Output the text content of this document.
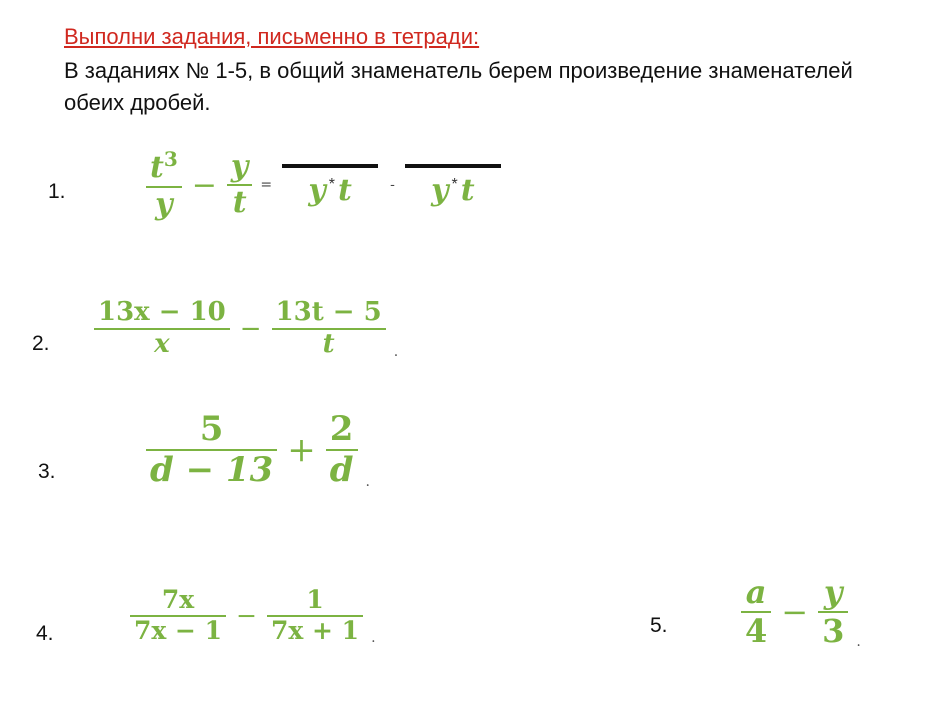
Выполни задания, письменно в тетради:
В заданиях № 1-5, в общий знаменатель берем произведение знаменателей
обеих дробей.
1.	$\frac{t^3}{y} - \frac{y}{t} = y$ * t	- y * t
2. $\frac{13x - 10}{x} - \frac{13t - 5}{t}$ .
3.	$\frac{5}{d - 13} + \frac{2}{d}$ .
4.	$\frac{7x}{7x - 1} - \frac{1}{7x + 1}$ .
5. $\frac{a}{4} - \frac{y}{3}$ .
